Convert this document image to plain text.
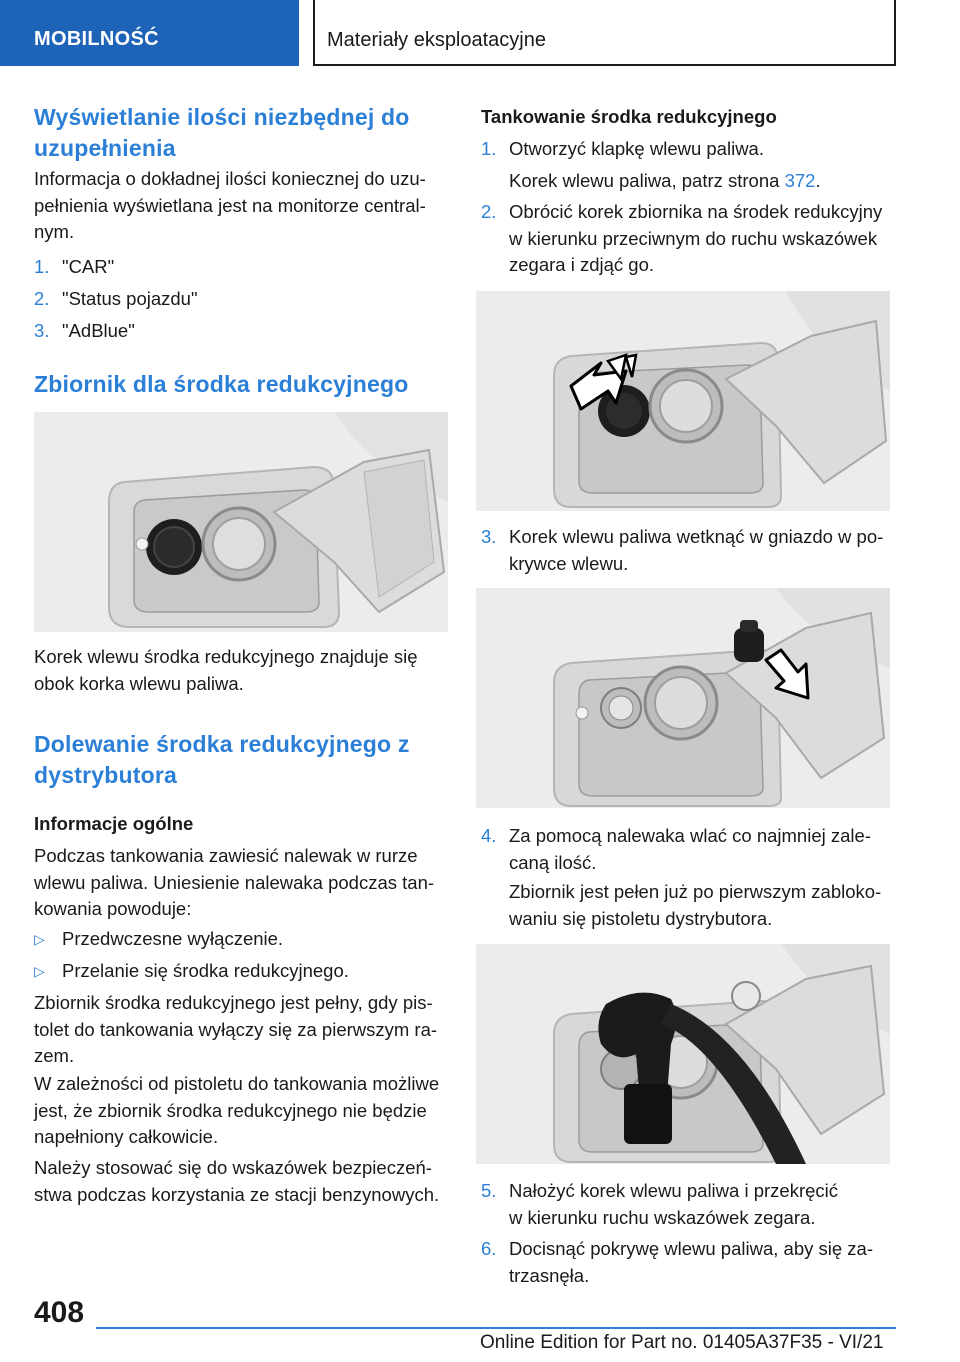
MOBILNOŚĆ	Materiały eksploatacyjne
Wyświetlanie ilości niezbędnej do
uzupełnienia
Informacja o dokładnej ilości koniecznej do uzu-
pełnienia wyświetlana jest na monitorze central-
nym.
1. "CAR"
2. "Status pojazdu"
3. "AdBlue"
Zbiornik dla środka redukcyjnego
Korek wlewu środka redukcyjnego znajduje się
obok korka wlewu paliwa.
Dolewanie środka redukcyjnego z
dystrybutora
Informacje ogólne
Podczas tankowania zawiesić nalewak w rurze
wlewu paliwa. Uniesienie nalewaka podczas tan-
kowania powoduje:
▷ Przedwczesne wyłączenie.
▷ Przelanie się środka redukcyjnego.
Zbiornik środka redukcyjnego jest pełny, gdy pis-
tolet do tankowania wyłączy się za pierwszym ra-
zem.
W zależności od pistoletu do tankowania możliwe
jest, że zbiornik środka redukcyjnego nie będzie
napełniony całkowicie.
Należy stosować się do wskazówek bezpieczeń-
stwa podczas korzystania ze stacji benzynowych.
Tankowanie środka redukcyjnego
1. Otworzyć klapkę wlewu paliwa.
Korek wlewu paliwa, patrz strona 372.
2. Obrócić korek zbiornika na środek redukcyjny
w kierunku przeciwnym do ruchu wskazówek
zegara i zdjąć go.
3. Korek wlewu paliwa wetknąć w gniazdo w po-
krywce wlewu.
4. Za pomocą nalewaka wlać co najmniej zale-
caną ilość.
Zbiornik jest pełen już po pierwszym zabloko-
waniu się pistoletu dystrybutora.
5. Nałożyć korek wlewu paliwa i przekręcić
w kierunku ruchu wskazówek zegara.
6. Docisnąć pokrywę wlewu paliwa, aby się za-
trzasnęła.
408
Online Edition for Part no. 01405A37F35 - VI/21
